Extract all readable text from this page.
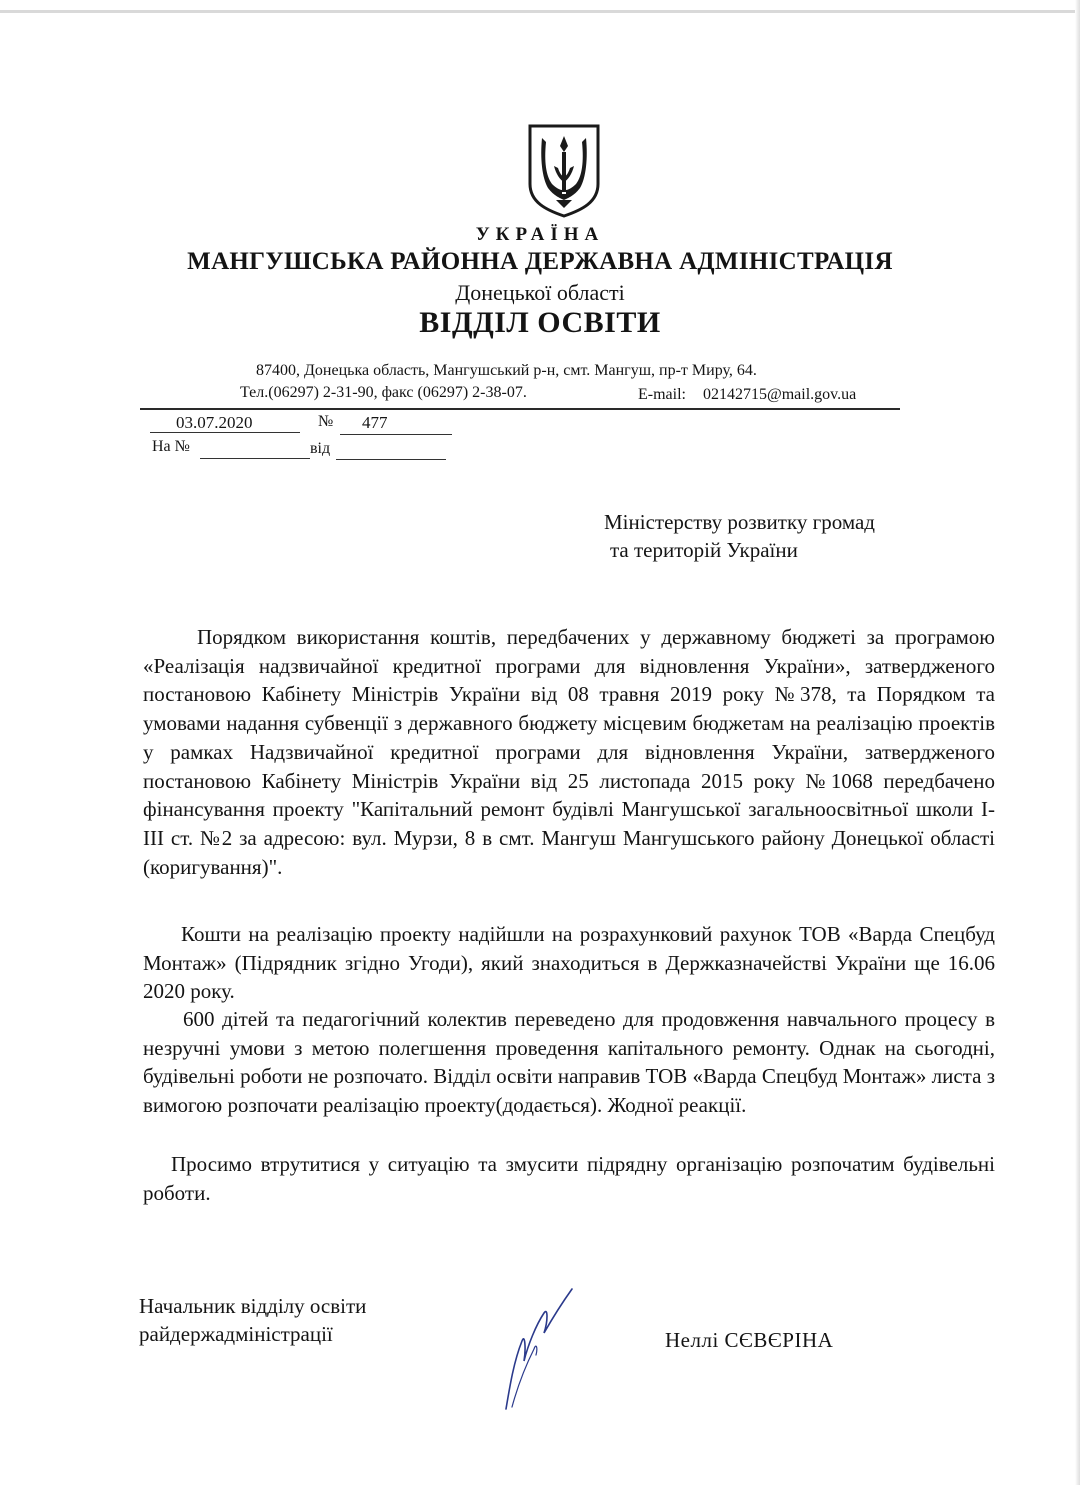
УКРАЇНА
МАНГУШСЬКА РАЙОННА ДЕРЖАВНА АДМІНІСТРАЦІЯ
Донецької області
ВІДДІЛ ОСВІТИ
87400, Донецька область, Мангушський р-н, смт. Мангуш, пр-т Миру, 64.
Тел.(06297) 2-31-90, факс (06297) 2-38-07.	E-mail: 02142715@mail.gov.ua
03.07.2020	№ 477
На №	від
Міністерству розвитку громад
та територій України
Порядком використання коштів, передбачених у державному бюджеті за програмою «Реалізація надзвичайної кредитної програми для відновлення України», затвердженого постановою Кабінету Міністрів України від 08 травня 2019 року №378, та Порядком та умовами надання субвенції з державного бюджету місцевим бюджетам на реалізацію проектів у рамках Надзвичайної кредитної програми для відновлення України, затвердженого постановою Кабінету Міністрів України від 25 листопада 2015 року №1068 передбачено фінансування проекту "Капітальний ремонт будівлі Мангушської загальноосвітньої школи І-ІІІ ст. №2 за адресою: вул. Мурзи, 8 в смт. Мангуш Мангушського району Донецької області (коригування)".
Кошти на реалізацію проекту надійшли на розрахунковий рахунок ТОВ «Варда Спецбуд Монтаж» (Підрядник згідно Угоди), який знаходиться в Держказначействі України ще 16.06 2020 року.
600 дітей та педагогічний колектив переведено для продовження навчального процесу в незручні умови з метою полегшення проведення капітального ремонту. Однак на сьогодні, будівельні роботи не розпочато. Відділ освіти направив ТОВ «Варда Спецбуд Монтаж» листа з вимогою розпочати реалізацію проекту(додається). Жодної реакції.
Просимо втрутитися у ситуацію та змусити підрядну організацію розпочатим будівельні роботи.
Начальник відділу освіти
райдержадміністрації	Неллі СЄВЄРІНА
